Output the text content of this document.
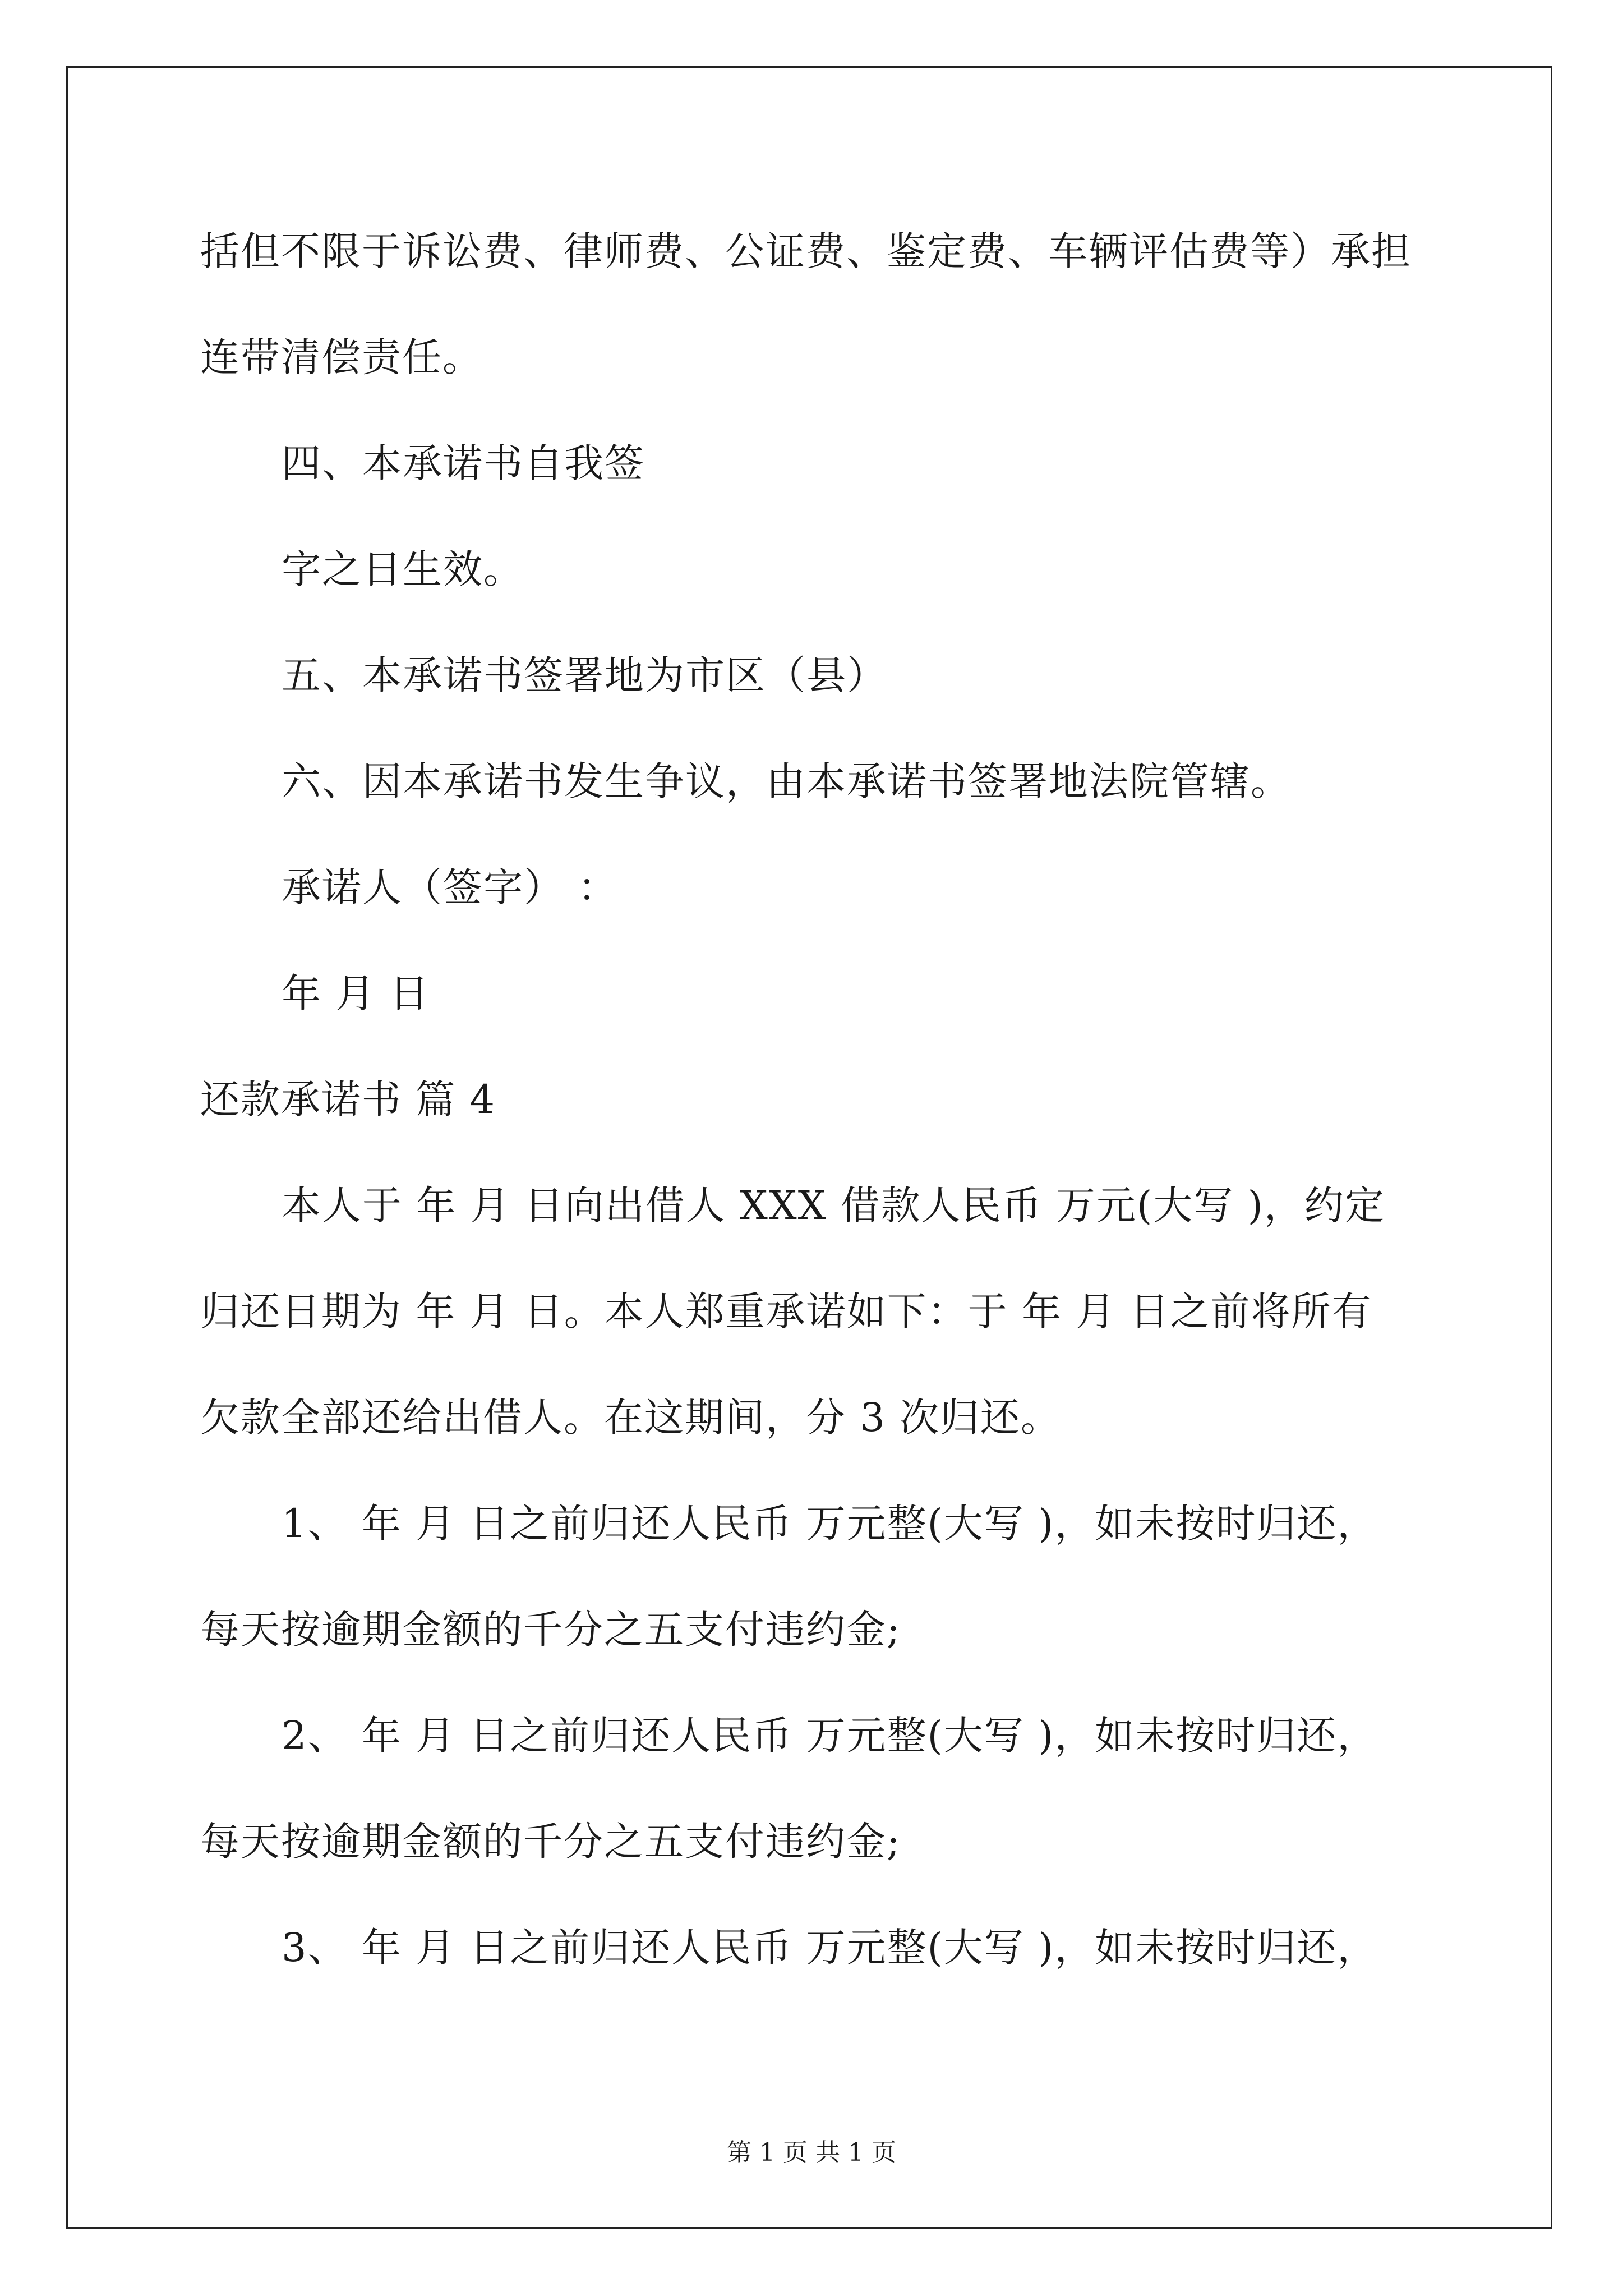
括但不限于诉讼费、律师费、公证费、鉴定费、车辆评估费等）承担
连带清偿责任。
四、本承诺书自我签
字之日生效。
五、本承诺书签署地为市区（县）
六、因本承诺书发生争议，由本承诺书签署地法院管辖。
承诺人（签字） ：
年 月 日
还款承诺书 篇 4
本人于 年 月 日向出借人 XXX 借款人民币 万元(大写 )，约定
归还日期为 年 月 日。本人郑重承诺如下：于 年 月 日之前将所有
欠款全部还给出借人。在这期间，分 3 次归还。
1、 年 月 日之前归还人民币 万元整(大写 )，如未按时归还，
每天按逾期金额的千分之五支付违约金;
2、 年 月 日之前归还人民币 万元整(大写 )，如未按时归还，
每天按逾期金额的千分之五支付违约金;
3、 年 月 日之前归还人民币 万元整(大写 )，如未按时归还，
第 1 页 共 1 页
